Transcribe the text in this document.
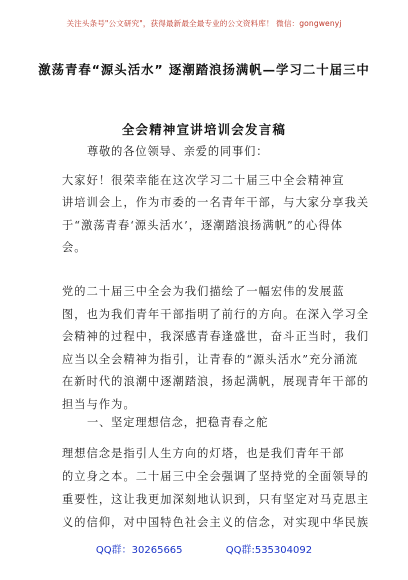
关注头条号"公文研究"，获得最新最全最专业的公文资料库！ 微信：gongwenyj
激荡青春“源头活水” 逐潮踏浪扬满帆—学习二十届三中
全会精神宣讲培训会发言稿
尊敬的各位领导、亲爱的同事们：
大家好！很荣幸能在这次学习二十届三中全会精神宣
讲培训会上，作为市委的一名青年干部，与大家分享我关
于“激荡青春‘源头活水’，逐潮踏浪扬满帆”的心得体
会。
党的二十届三中全会为我们描绘了一幅宏伟的发展蓝
图，也为我们青年干部指明了前行的方向。在深入学习全
会精神的过程中，我深感青春逢盛世，奋斗正当时，我们
应当以全会精神为指引，让青春的“源头活水”充分涌流
在新时代的浪潮中逐潮踏浪，扬起满帆，展现青年干部的
担当与作为。
一、坚定理想信念，把稳青春之舵
理想信念是指引人生方向的灯塔，也是我们青年干部
的立身之本。二十届三中全会强调了坚持党的全面领导的
重要性，这让我更加深刻地认识到，只有坚定对马克思主
义的信仰，对中国特色社会主义的信念，对实现中华民族
QQ群：30265665	QQ群:535304092
